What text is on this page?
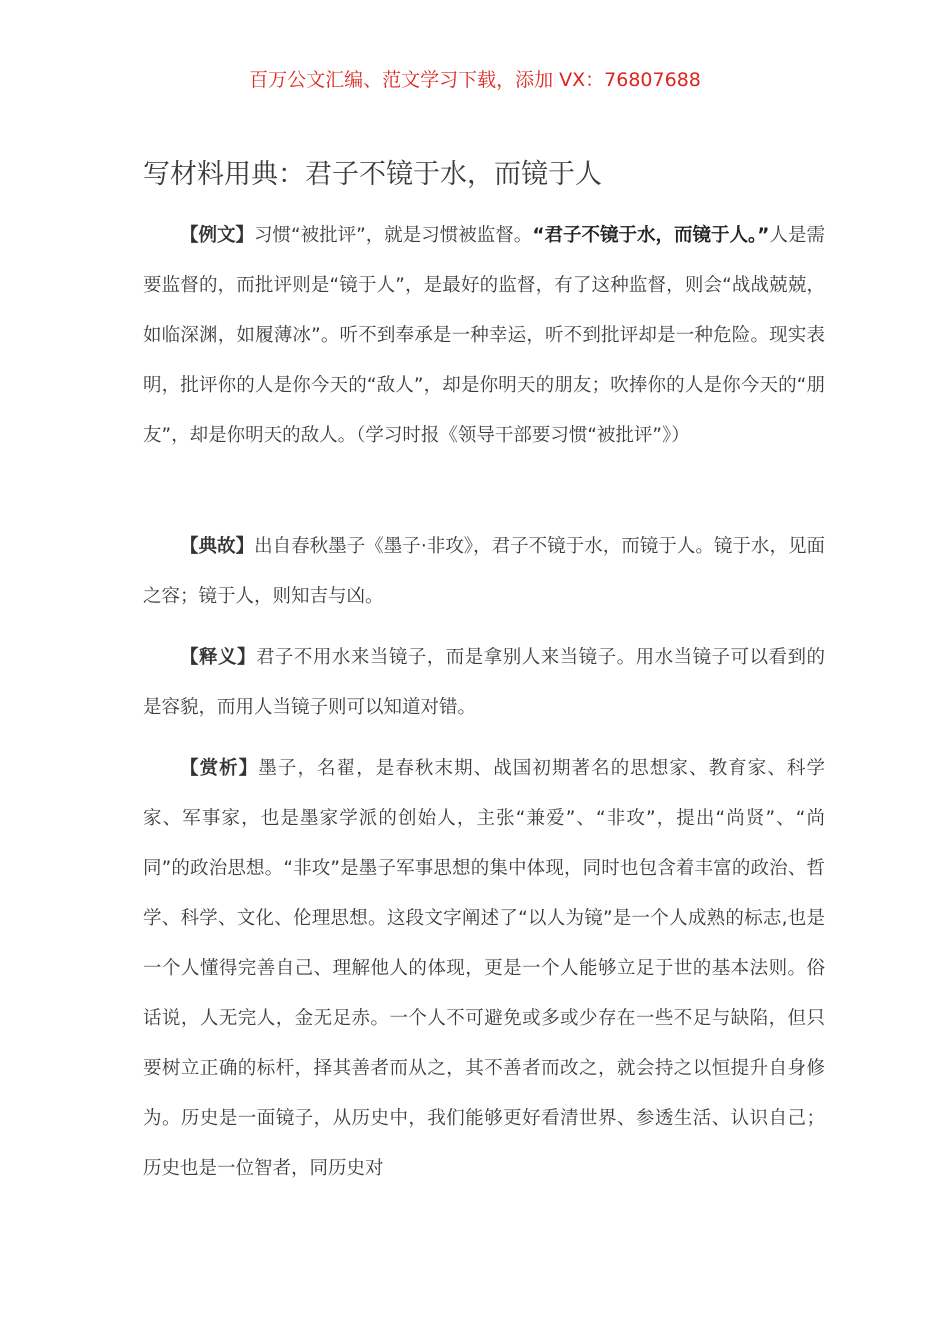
百万公文汇编、范文学习下载，添加 VX：76807688
写材料用典：君子不镜于水，而镜于人

【例文】习惯“被批评”，就是习惯被监督。“君子不镜于水，而镜于人。”人是需要监督的，而批评则是“镜于人”，是最好的监督，有了这种监督，则会“战战兢兢，如临深渊，如履薄冰”。听不到奉承是一种幸运，听不到批评却是一种危险。现实表明，批评你的人是你今天的“敌人”，却是你明天的朋友；吹捧你的人是你今天的“朋友”，却是你明天的敌人。（学习时报《领导干部要习惯“被批评”》）

【典故】出自春秋墨子《墨子·非攻》，君子不镜于水，而镜于人。镜于水，见面之容；镜于人，则知吉与凶。

【释义】君子不用水来当镜子，而是拿别人来当镜子。用水当镜子可以看到的是容貌，而用人当镜子则可以知道对错。

【赏析】墨子，名翟，是春秋末期、战国初期著名的思想家、教育家、科学家、军事家，也是墨家学派的创始人，主张“兼爱”、“非攻”，提出“尚贤”、“尚同”的政治思想。“非攻”是墨子军事思想的集中体现，同时也包含着丰富的政治、哲学、科学、文化、伦理思想。这段文字阐述了“以人为镜”是一个人成熟的标志,也是一个人懂得完善自己、理解他人的体现，更是一个人能够立足于世的基本法则。俗话说，人无完人，金无足赤。一个人不可避免或多或少存在一些不足与缺陷，但只要树立正确的标杆，择其善者而从之，其不善者而改之，就会持之以恒提升自身修为。历史是一面镜子，从历史中，我们能够更好看清世界、参透生活、认识自己；历史也是一位智者，同历史对
